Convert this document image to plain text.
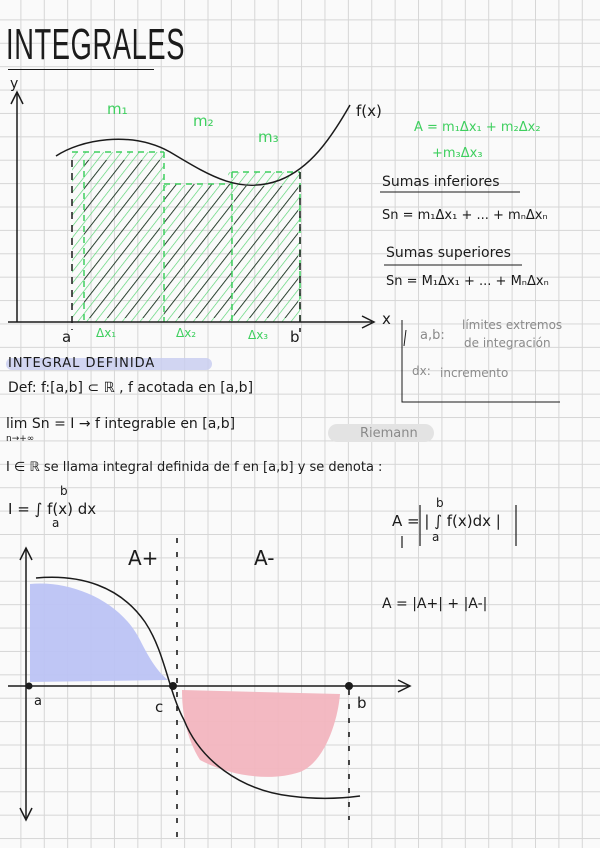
INTEGRALES
y
x
f(x)
m₁
m₂
m₃
a	b
Δx₁	Δx₂	Δx₃
A = m₁Δx₁ + m₂Δx₂
+m₃Δx₃
Sumas inferiores
Sn = m₁Δx₁ + ... + mₙΔxₙ
Sumas superiores
Sn = M₁Δx₁ + ... + MₙΔxₙ
a,b:
límites extremos
de integración
dx: incremento
INTEGRAL DEFINIDA
Def: f:[a,b] ⊂ ℝ , f acotada en [a,b]
lim Sn = I → f integrable en [a,b]
n→+∞	Riemann
I ∈ ℝ se llama integral definida de f en [a,b] y se denota :
I = ∫ f(x) dx
b
a
A+	A-
a	c	b
A = | ∫ f(x)dx |
b
a
A = |A+| + |A-|
